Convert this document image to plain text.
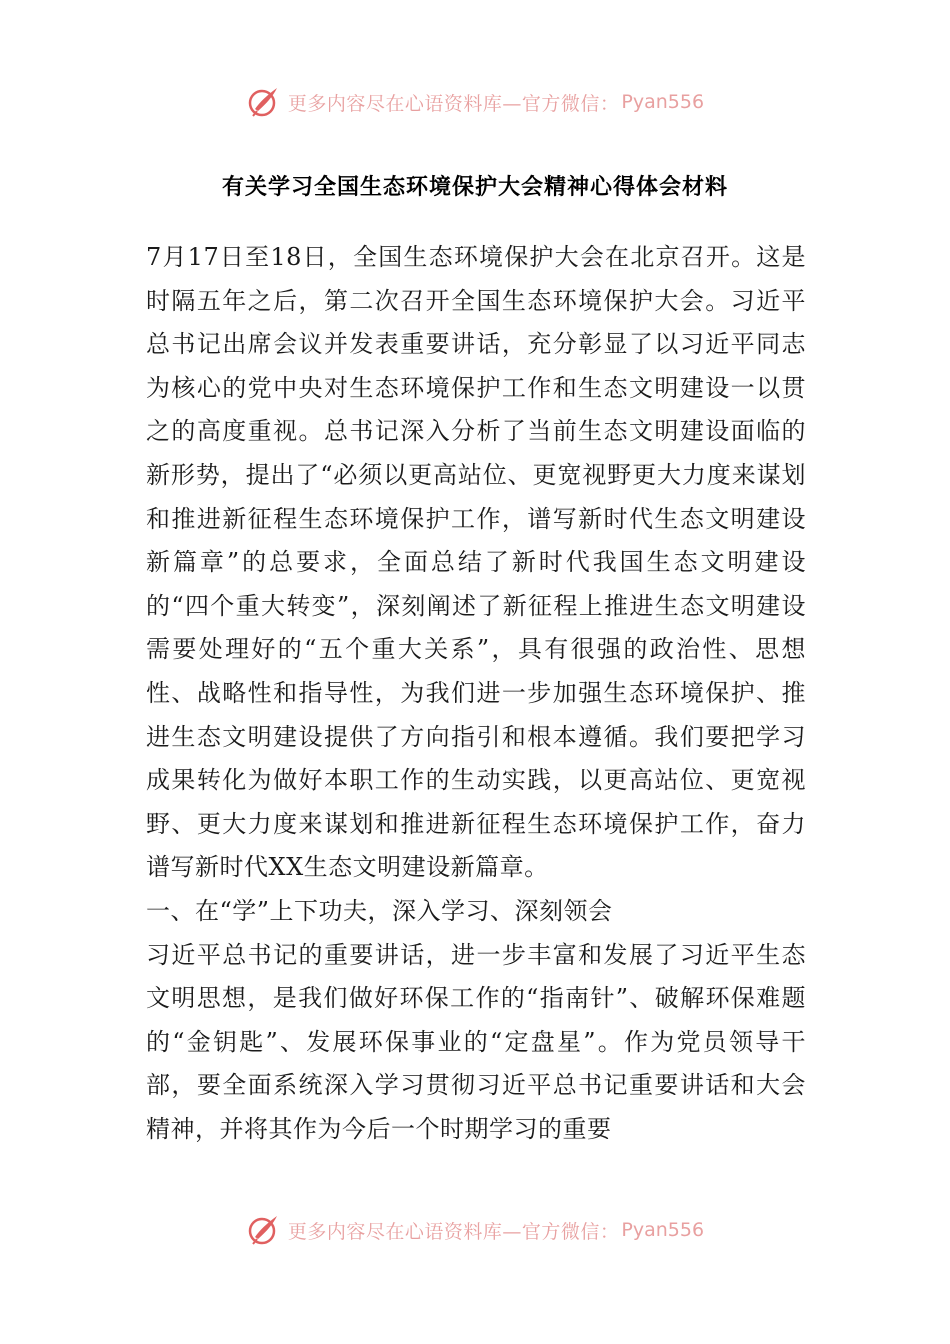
更多内容尽在心语资料库—官方微信： Pyan556
有关学习全国生态环境保护大会精神心得体会材料

7月17日至18日，全国生态环境保护大会在北京召开。这是时隔五年之后，第二次召开全国生态环境保护大会。习近平总书记出席会议并发表重要讲话，充分彰显了以习近平同志为核心的党中央对生态环境保护工作和生态文明建设一以贯之的高度重视。总书记深入分析了当前生态文明建设面临的新形势，提出了“必须以更高站位、更宽视野更大力度来谋划和推进新征程生态环境保护工作，谱写新时代生态文明建设新篇章”的总要求，全面总结了新时代我国生态文明建设的“四个重大转变”，深刻阐述了新征程上推进生态文明建设需要处理好的“五个重大关系”，具有很强的政治性、思想性、战略性和指导性，为我们进一步加强生态环境保护、推进生态文明建设提供了方向指引和根本遵循。我们要把学习成果转化为做好本职工作的生动实践，以更高站位、更宽视野、更大力度来谋划和推进新征程生态环境保护工作，奋力谱写新时代XX生态文明建设新篇章。

一、在“学”上下功夫，深入学习、深刻领会

习近平总书记的重要讲话，进一步丰富和发展了习近平生态文明思想，是我们做好环保工作的“指南针”、破解环保难题的“金钥匙”、发展环保事业的“定盘星”。作为党员领导干部，要全面系统深入学习贯彻习近平总书记重要讲话和大会精神，并将其作为今后一个时期学习的重要

更多内容尽在心语资料库—官方微信： Pyan556
